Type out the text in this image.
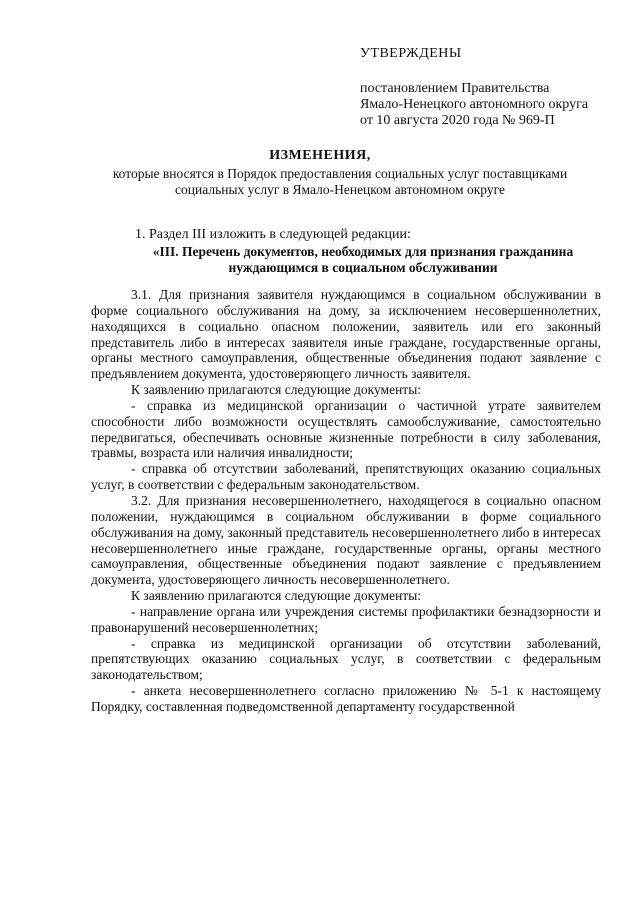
УТВЕРЖДЕНЫ
постановлением Правительства
Ямало-Ненецкого автономного округа
от 10 августа 2020 года № 969-П
ИЗМЕНЕНИЯ,
которые вносятся в Порядок предоставления социальных услуг поставщиками социальных услуг в Ямало-Ненецком автономном округе
1. Раздел III изложить в следующей редакции:
«III. Перечень документов, необходимых для признания гражданина нуждающимся в социальном обслуживании

3.1. Для признания заявителя нуждающимся в социальном обслуживании в форме социального обслуживания на дому, за исключением несовершеннолетних, находящихся в социально опасном положении, заявитель или его законный представитель либо в интересах заявителя иные граждане, государственные органы, органы местного самоуправления, общественные объединения подают заявление с предъявлением документа, удостоверяющего личность заявителя.

К заявлению прилагаются следующие документы:

- справка из медицинской организации о частичной утрате заявителем способности либо возможности осуществлять самообслуживание, самостоятельно передвигаться, обеспечивать основные жизненные потребности в силу заболевания, травмы, возраста или наличия инвалидности;

- справка об отсутствии заболеваний, препятствующих оказанию социальных услуг, в соответствии с федеральным законодательством.

3.2. Для признания несовершеннолетнего, находящегося в социально опасном положении, нуждающимся в социальном обслуживании в форме социального обслуживания на дому, законный представитель несовершеннолетнего либо в интересах несовершеннолетнего иные граждане, государственные органы, органы местного самоуправления, общественные объединения подают заявление с предъявлением документа, удостоверяющего личность несовершеннолетнего.

К заявлению прилагаются следующие документы:

- направление органа или учреждения системы профилактики безнадзорности и правонарушений несовершеннолетних;

- справка из медицинской организации об отсутствии заболеваний, препятствующих оказанию социальных услуг, в соответствии с федеральным законодательством;

- анкета несовершеннолетнего согласно приложению № 5-1 к настоящему Порядку, составленная подведомственной департаменту государственной
